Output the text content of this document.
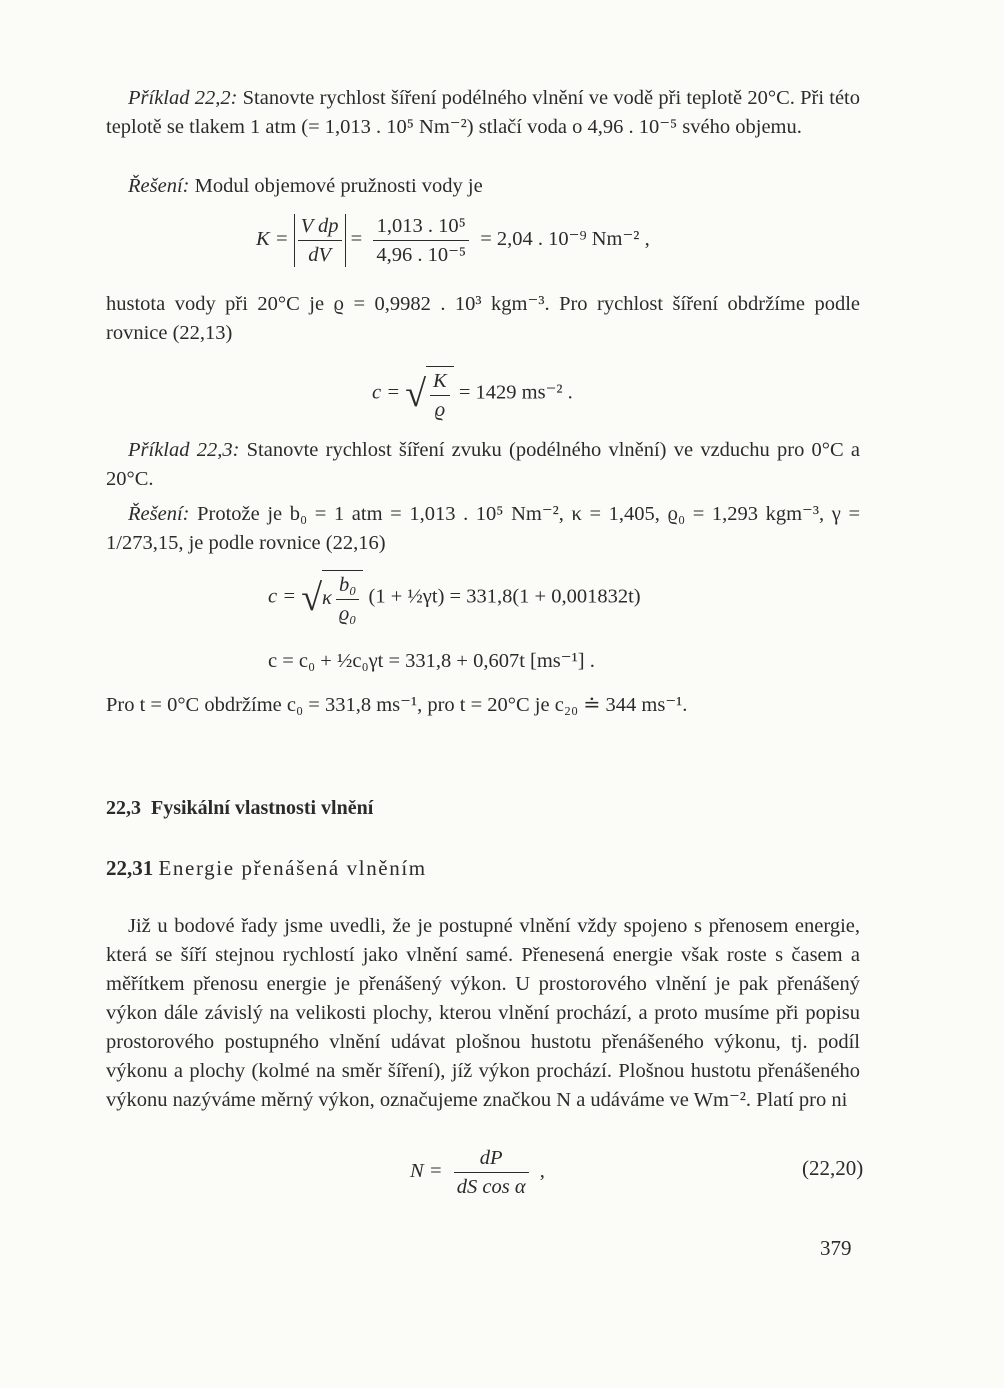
Příklad 22,2: Stanovte rychlost šíření podélného vlnění ve vodě při teplotě 20°C. Při této teplotě se tlakem 1 atm (= 1,013 . 10⁵ Nm⁻²) stlačí voda o 4,96 . 10⁻⁵ svého objemu.
Řešení: Modul objemové pružnosti vody je
$K = \frac{\text{V dp}}{dV} = \frac{\text{1,013 . 10⁵}}{\text{4,96 . 10⁻⁵}} = 2,04$ . 10⁻⁹ Nm⁻² ,
hustota vody při 20°C je ϱ = 0,9982 . 10³ kgm⁻³. Pro rychlost šíření obdržíme podle rovnice (22,13)
c = √ $\frac{K}{ϱ} = 1429$ ms⁻² .
Příklad 22,3: Stanovte rychlost šíření zvuku (podélného vlnění) ve vzduchu pro 0°C a 20°C.
Řešení: Protože je b₀ = 1 atm = 1,013 . 10⁵ Nm⁻², κ = 1,405, ϱ₀ = 1,293 kgm⁻³, γ = 1/273,15, je podle rovnice (22,16)
$c = √\kappa \frac{\text{b₀}}{\text{ϱ₀}} (1$ + ½γt) = 331,8(1 + 0,001832t)
c = c₀ + ½c₀γt = 331,8 + 0,607t [ms⁻¹] .
Pro t = 0°C obdržíme c₀ = 331,8 ms⁻¹, pro t = 20°C je c₂₀ ≐ 344 ms⁻¹.
22,3 Fysikální vlastnosti vlnění
22,31 Energie přenášená vlněním
Již u bodové řady jsme uvedli, že je postupné vlnění vždy spojeno s přenosem energie, která se šíří stejnou rychlostí jako vlnění samé. Přenesená energie však roste s časem a měřítkem přenosu energie je přenášený výkon. U prostorového vlnění je pak přenášený výkon dále závislý na velikosti plochy, kterou vlnění prochází, a proto musíme při popisu prostorového postupného vlnění udávat plošnou hustotu přenášeného výkonu, tj. podíl výkonu a plochy (kolmé na směr šíření), jíž výkon prochází. Plošnou hustotu přenášeného výkonu nazýváme měrný výkon, označujeme značkou N a udáváme ve Wm⁻². Platí pro ni
$N = \frac{dP}{\text{dS cos α}}$ ,	(22,20)
379
